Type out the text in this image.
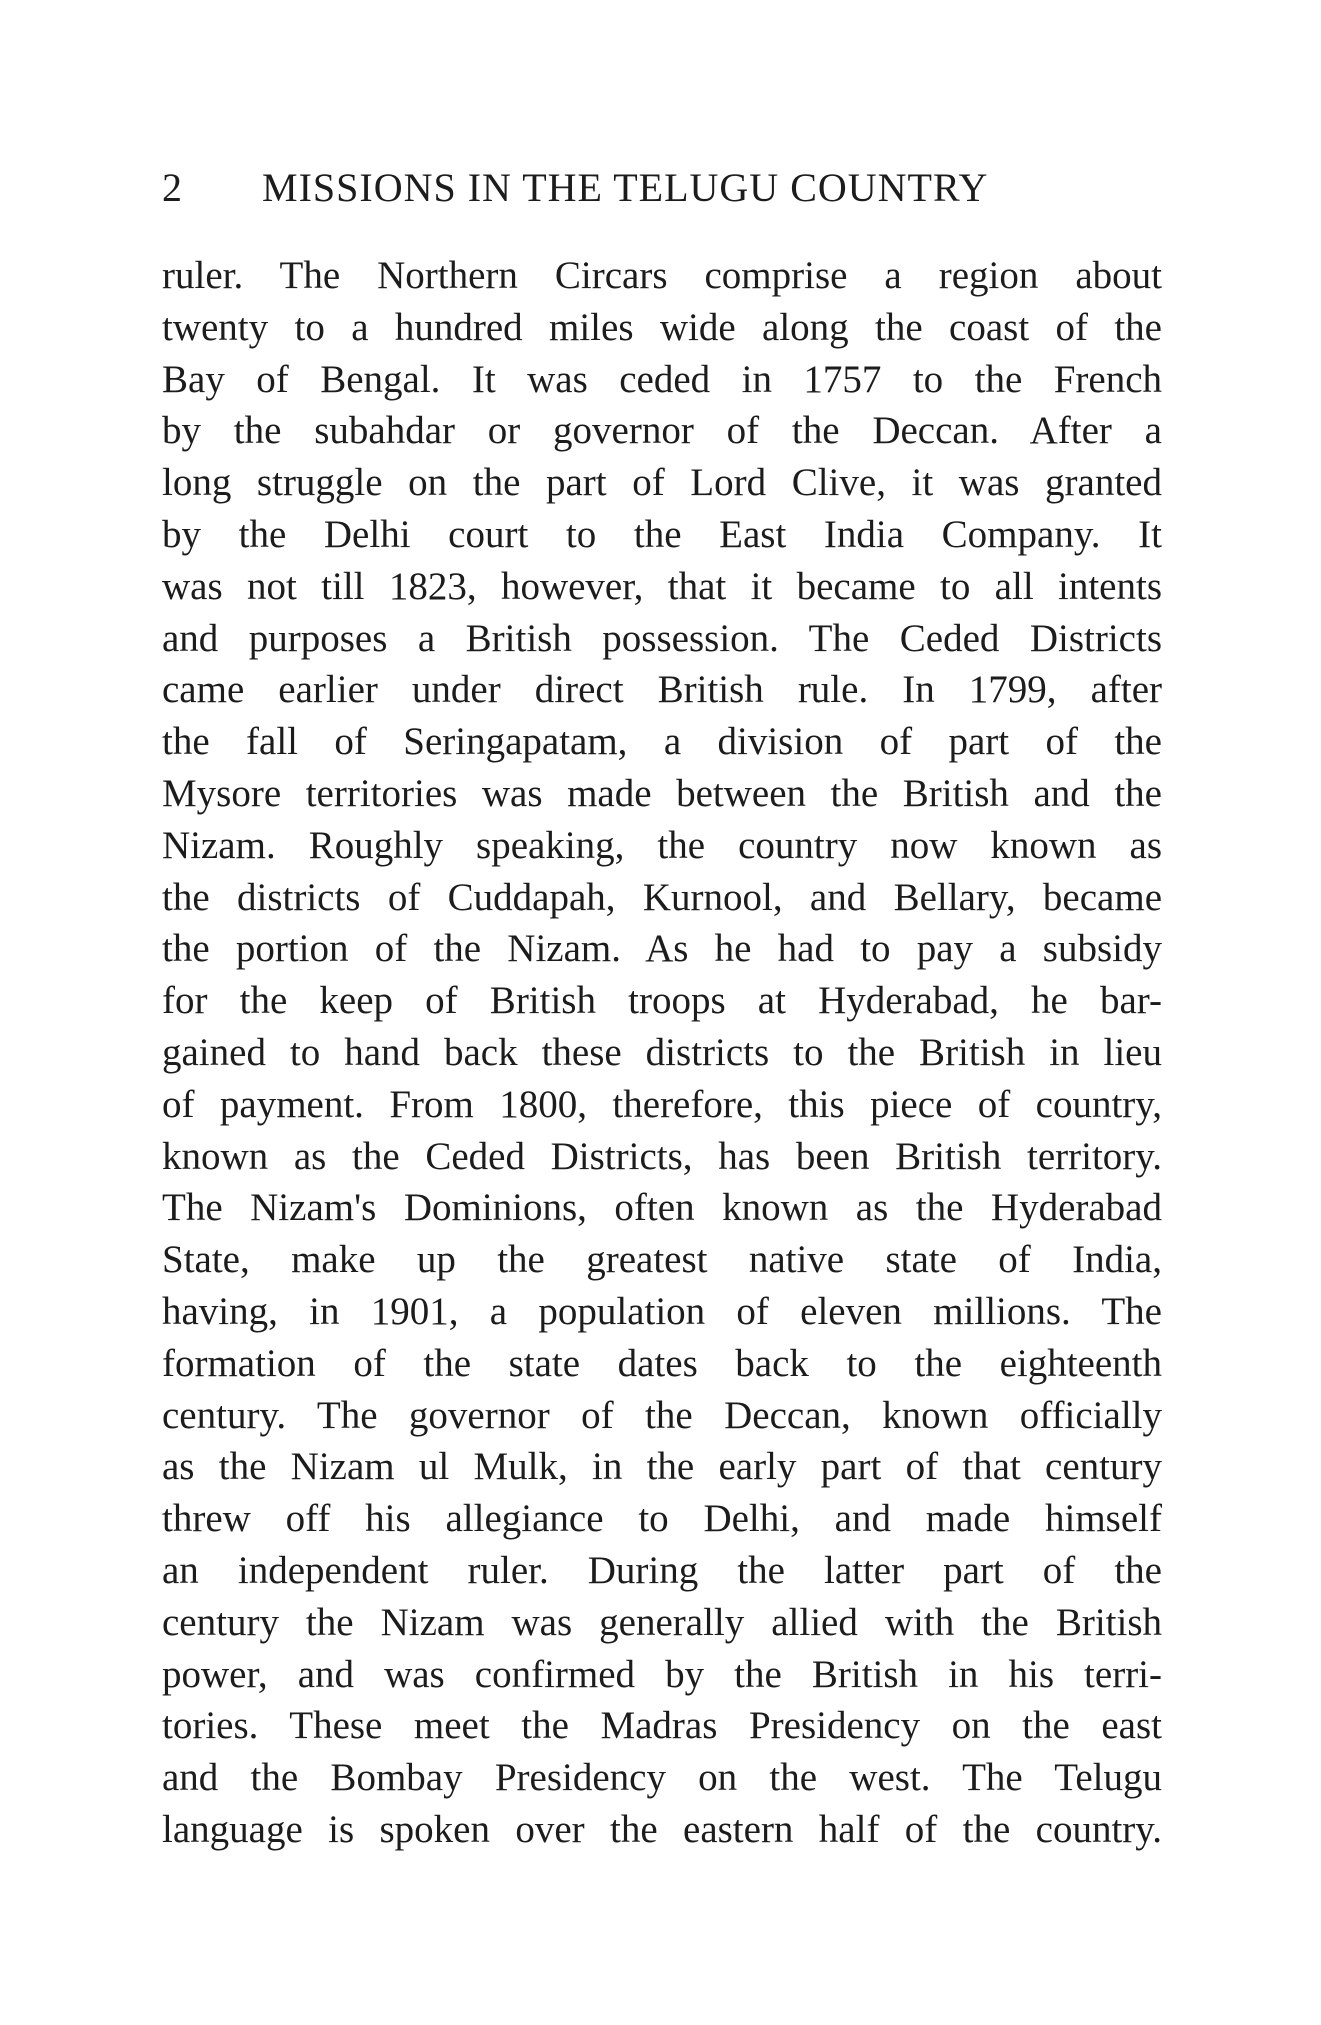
2 MISSIONS IN THE TELUGU COUNTRY
ruler. The Northern Circars comprise a region about
twenty to a hundred miles wide along the coast of the
Bay of Bengal. It was ceded in 1757 to the French
by the subahdar or governor of the Deccan. After a
long struggle on the part of Lord Clive, it was granted
by the Delhi court to the East India Company. It
was not till 1823, however, that it became to all intents
and purposes a British possession. The Ceded Districts
came earlier under direct British rule. In 1799, after
the fall of Seringapatam, a division of part of the
Mysore territories was made between the British and the
Nizam. Roughly speaking, the country now known as
the districts of Cuddapah, Kurnool, and Bellary, became
the portion of the Nizam. As he had to pay a subsidy
for the keep of British troops at Hyderabad, he bar-
gained to hand back these districts to the British in lieu
of payment. From 1800, therefore, this piece of country,
known as the Ceded Districts, has been British territory.
The Nizam's Dominions, often known as the Hyderabad
State, make up the greatest native state of India,
having, in 1901, a population of eleven millions. The
formation of the state dates back to the eighteenth
century. The governor of the Deccan, known officially
as the Nizam ul Mulk, in the early part of that century
threw off his allegiance to Delhi, and made himself
an independent ruler. During the latter part of the
century the Nizam was generally allied with the British
power, and was confirmed by the British in his terri-
tories. These meet the Madras Presidency on the east
and the Bombay Presidency on the west. The Telugu
language is spoken over the eastern half of the country.
